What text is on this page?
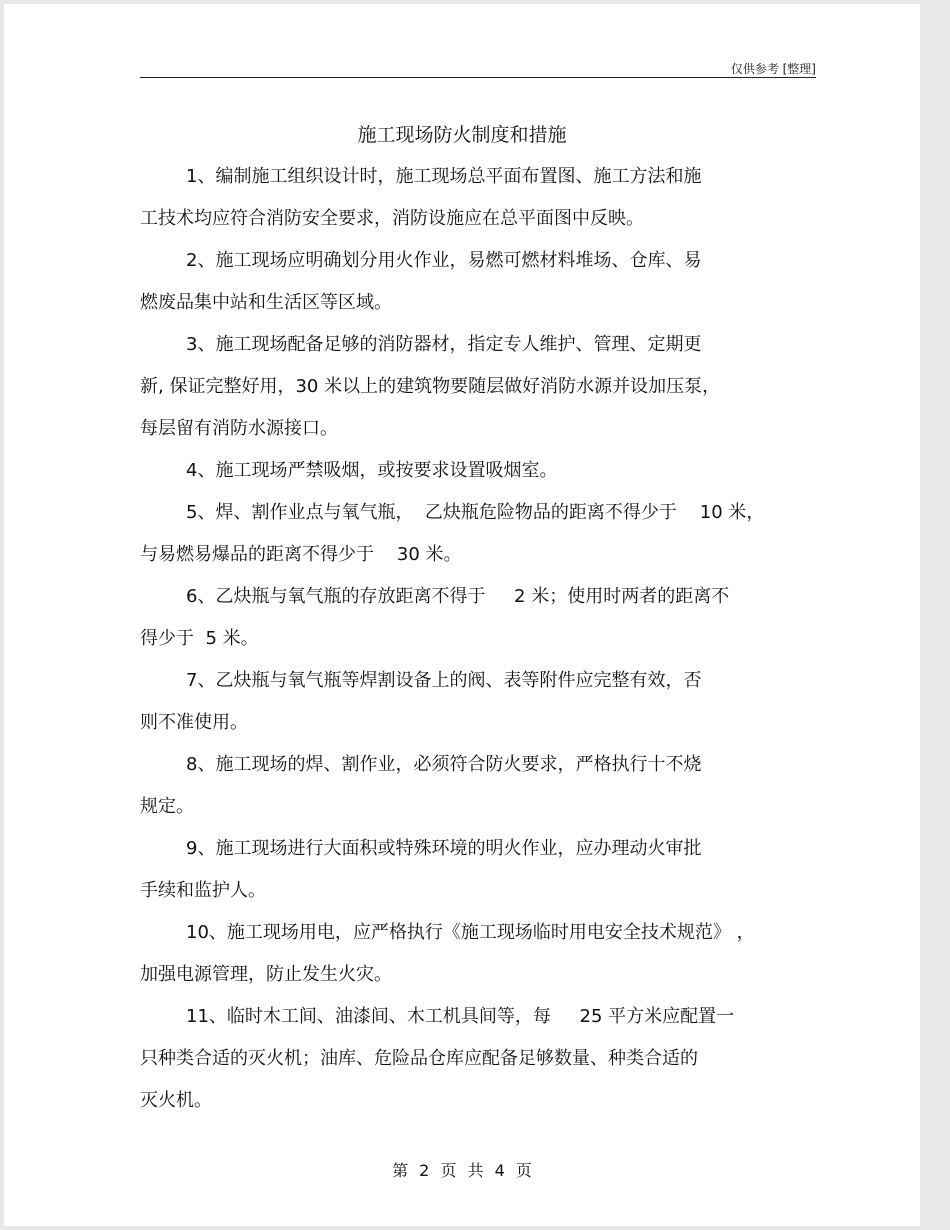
仅供参考 [整理]
施工现场防火制度和措施
1、编制施工组织设计时，施工现场总平面布置图、施工方法和施
工技术均应符合消防安全要求，消防设施应在总平面图中反映。
2、施工现场应明确划分用火作业，易燃可燃材料堆场、仓库、易
燃废品集中站和生活区等区域。
3、施工现场配备足够的消防器材，指定专人维护、管理、定期更
新, 保证完整好用，30 米以上的建筑物要随层做好消防水源并设加压泵，
每层留有消防水源接口。
4、施工现场严禁吸烟，或按要求设置吸烟室。
5、焊、割作业点与氧气瓶，  乙炔瓶危险物品的距离不得少于    10 米，
与易燃易爆品的距离不得少于    30 米。
6、乙炔瓶与氧气瓶的存放距离不得于     2 米；使用时两者的距离不
得少于  5 米。
7、乙炔瓶与氧气瓶等焊割设备上的阀、表等附件应完整有效，否
则不准使用。
8、施工现场的焊、割作业，必须符合防火要求，严格执行十不烧
规定。
9、施工现场进行大面积或特殊环境的明火作业，应办理动火审批
手续和监护人。
10、施工现场用电，应严格执行《施工现场临时用电安全技术规范》 ，
加强电源管理，防止发生火灾。
11、临时木工间、油漆间、木工机具间等，每     25 平方米应配置一
只种类合适的灭火机；油库、危险品仓库应配备足够数量、种类合适的
灭火机。
第 2 页 共 4 页
